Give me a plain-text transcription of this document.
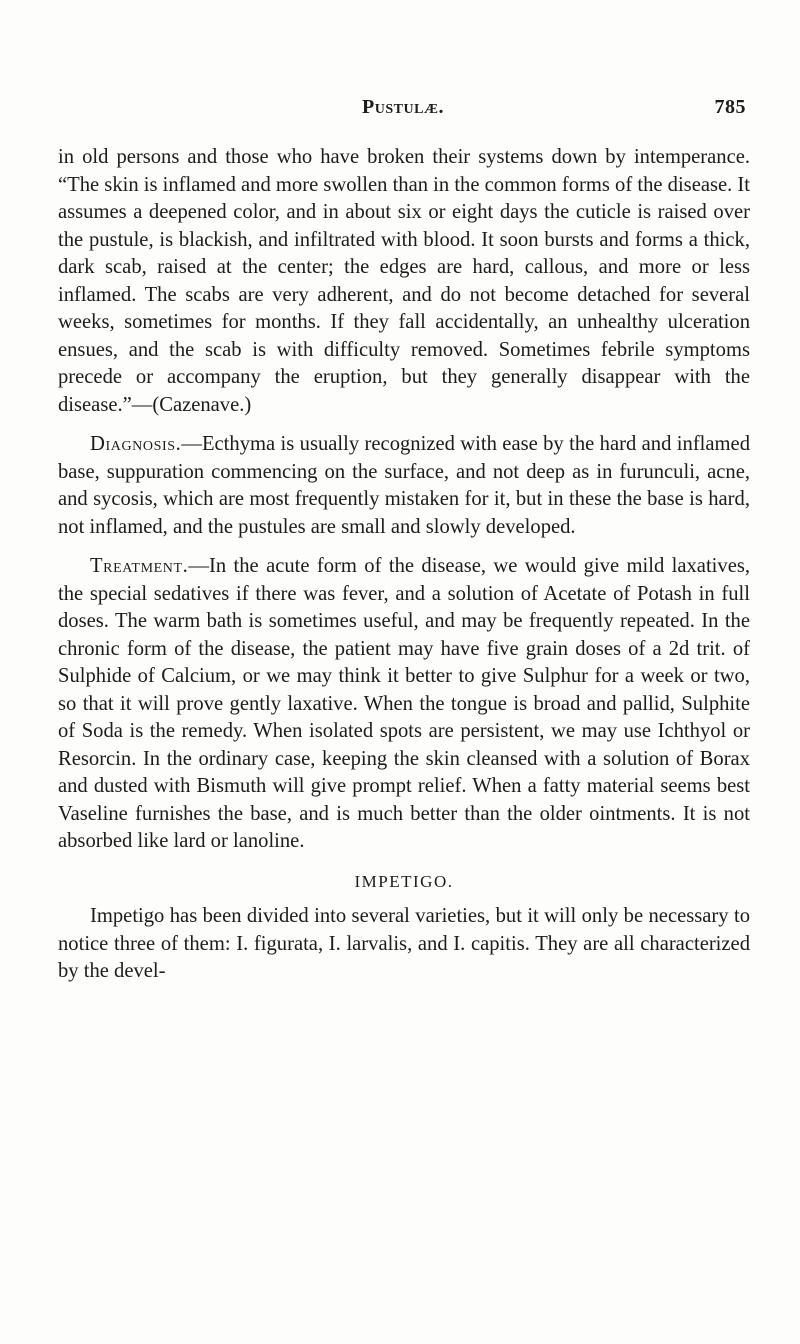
Pustulæ.	785

in old persons and those who have broken their systems down by intemperance. “The skin is inflamed and more swollen than in the common forms of the disease. It assumes a deepened color, and in about six or eight days the cuticle is raised over the pustule, is blackish, and infiltrated with blood. It soon bursts and forms a thick, dark scab, raised at the center; the edges are hard, callous, and more or less inflamed. The scabs are very adherent, and do not become detached for several weeks, sometimes for months. If they fall accidentally, an unhealthy ulceration ensues, and the scab is with difficulty removed. Sometimes febrile symptoms precede or accompany the eruption, but they generally disappear with the disease.”—(Cazenave.)

Diagnosis.—Ecthyma is usually recognized with ease by the hard and inflamed base, suppuration commencing on the surface, and not deep as in furunculi, acne, and sycosis, which are most frequently mistaken for it, but in these the base is hard, not inflamed, and the pustules are small and slowly developed.

Treatment.—In the acute form of the disease, we would give mild laxatives, the special sedatives if there was fever, and a solution of Acetate of Potash in full doses. The warm bath is sometimes useful, and may be frequently repeated. In the chronic form of the disease, the patient may have five grain doses of a 2d trit. of Sulphide of Calcium, or we may think it better to give Sulphur for a week or two, so that it will prove gently laxative. When the tongue is broad and pallid, Sulphite of Soda is the remedy. When isolated spots are persistent, we may use Ichthyol or Resorcin. In the ordinary case, keeping the skin cleansed with a solution of Borax and dusted with Bismuth will give prompt relief. When a fatty material seems best Vaseline furnishes the base, and is much better than the older ointments. It is not absorbed like lard or lanoline.

IMPETIGO.

Impetigo has been divided into several varieties, but it will only be necessary to notice three of them: I. figurata, I. larvalis, and I. capitis. They are all characterized by the devel-
